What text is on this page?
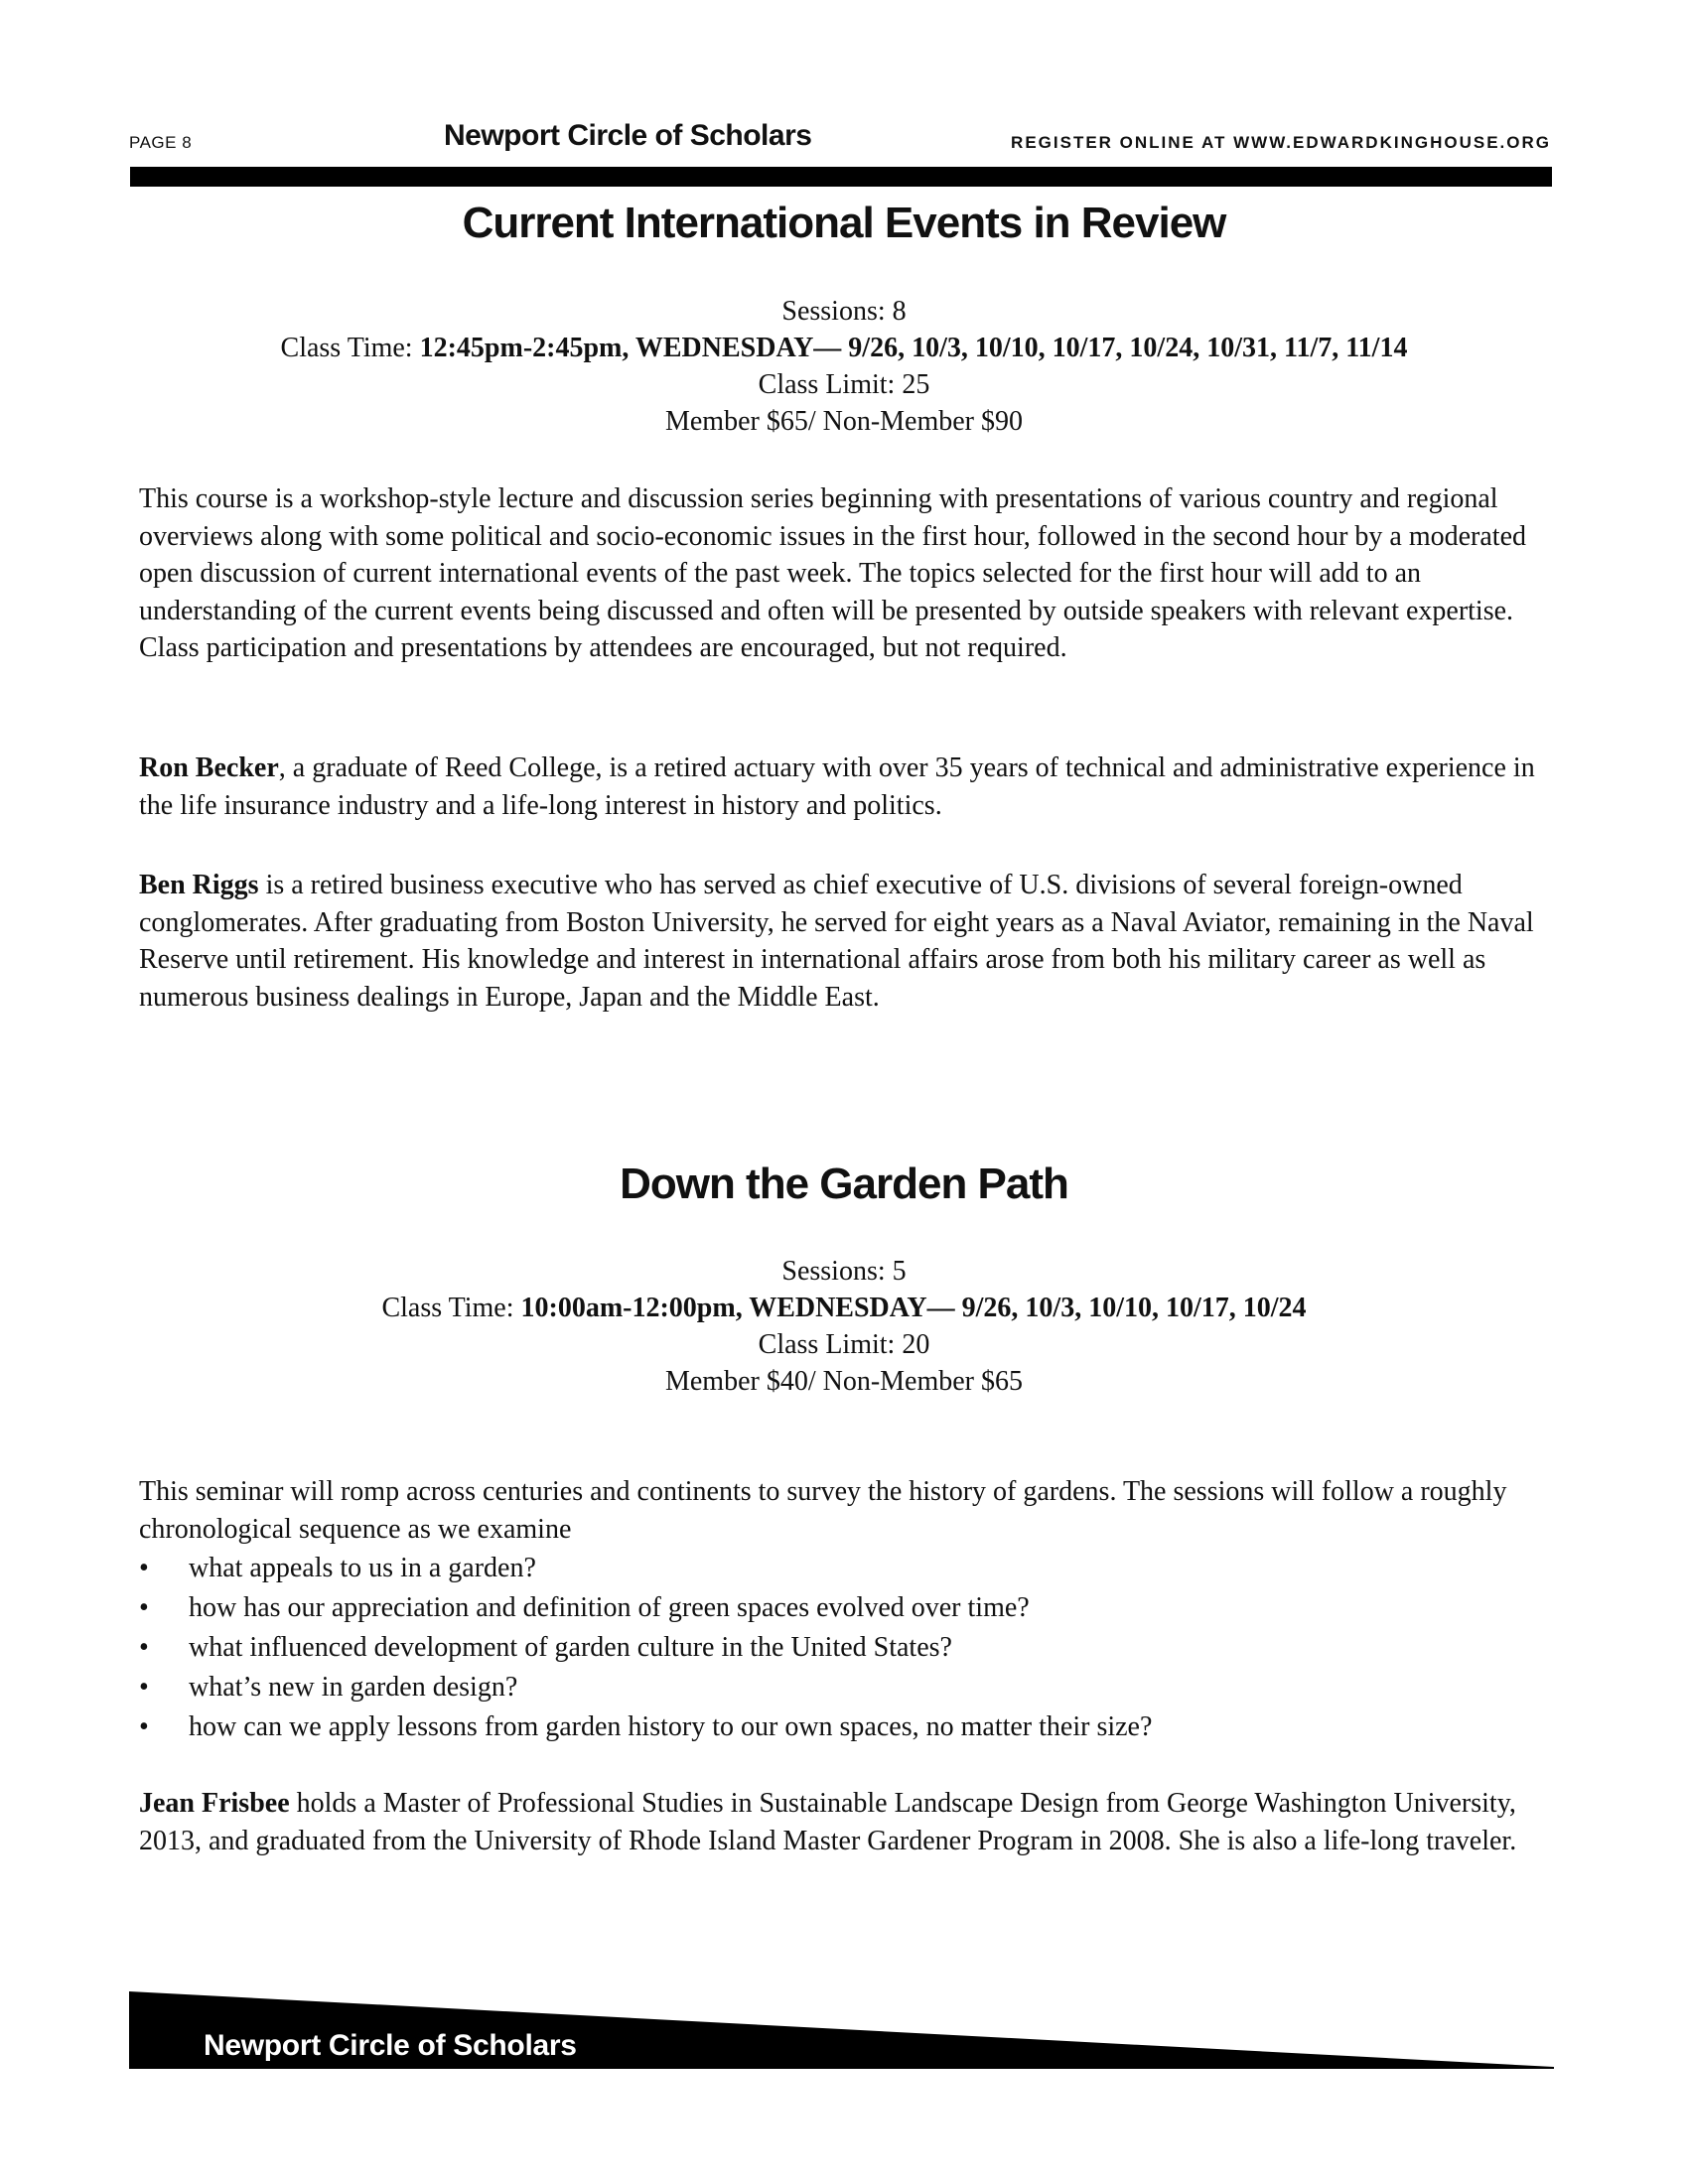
PAGE 8	Newport Circle of Scholars	REGISTER ONLINE AT WWW.EDWARDKINGHOUSE.ORG
Current International Events in Review
Sessions: 8
Class Time: 12:45pm-2:45pm, WEDNESDAY— 9/26, 10/3, 10/10, 10/17, 10/24, 10/31, 11/7, 11/14
Class Limit: 25
Member $65/ Non-Member $90

This course is a workshop-style lecture and discussion series beginning with presentations of various country and regional overviews along with some political and socio-economic issues in the first hour, followed in the second hour by a moderated open discussion of current international events of the past week. The topics selected for the first hour will add to an understanding of the current events being discussed and often will be presented by outside speakers with relevant expertise. Class participation and presentations by attendees are encouraged, but not required.

Ron Becker, a graduate of Reed College, is a retired actuary with over 35 years of technical and administrative experience in the life insurance industry and a life-long interest in history and politics.

Ben Riggs is a retired business executive who has served as chief executive of U.S. divisions of several foreign-owned conglomerates. After graduating from Boston University, he served for eight years as a Naval Aviator, remaining in the Naval Reserve until retirement. His knowledge and interest in international affairs arose from both his military career as well as numerous business dealings in Europe, Japan and the Middle East.

Down the Garden Path
Sessions: 5
Class Time: 10:00am-12:00pm, WEDNESDAY— 9/26, 10/3, 10/10, 10/17, 10/24
Class Limit: 20
Member $40/ Non-Member $65

This seminar will romp across centuries and continents to survey the history of gardens. The sessions will follow a roughly chronological sequence as we examine

• what appeals to us in a garden?
• how has our appreciation and definition of green spaces evolved over time?
• what influenced development of garden culture in the United States?
• what’s new in garden design?
• how can we apply lessons from garden history to our own spaces, no matter their size?

Jean Frisbee holds a Master of Professional Studies in Sustainable Landscape Design from George Washington University, 2013, and graduated from the University of Rhode Island Master Gardener Program in 2008. She is also a life-long traveler.

Newport Circle of Scholars
